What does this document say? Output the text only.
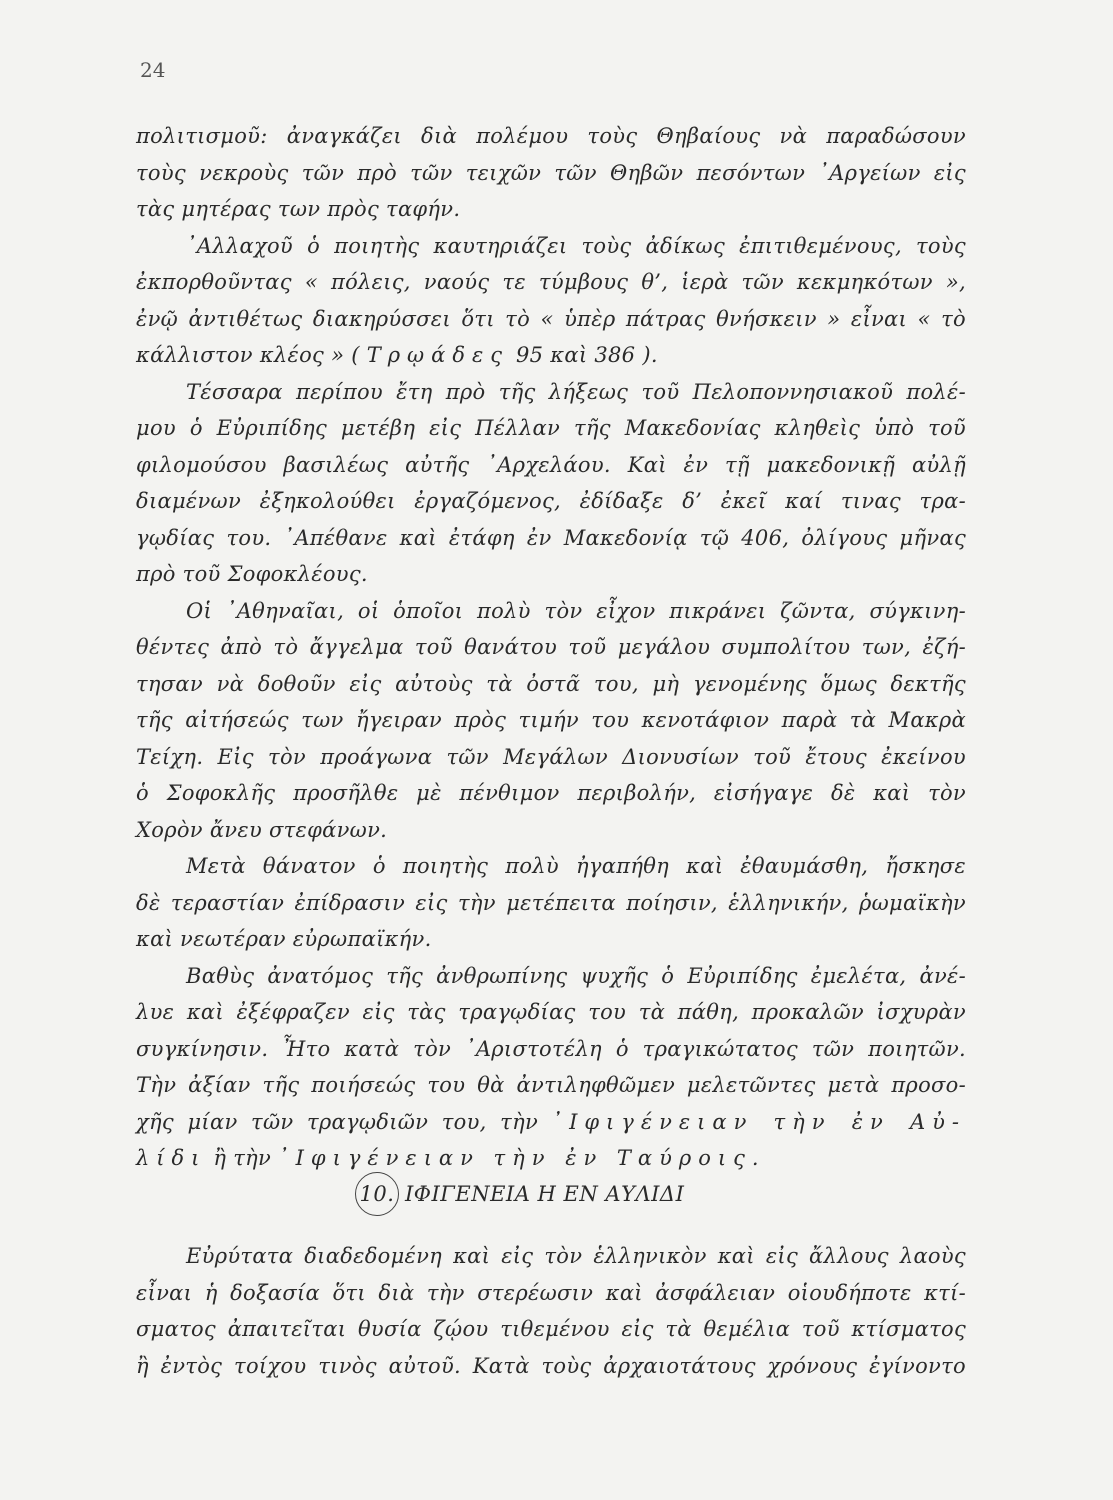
24
πολιτισμοῦ: ἀναγκάζει διὰ πολέμου τοὺς Θηβαίους νὰ παραδώσουν
τοὺς νεκροὺς τῶν πρὸ τῶν τειχῶν τῶν Θηβῶν πεσόντων ᾿Αργείων εἰς
τὰς μητέρας των πρὸς ταφήν.
᾿Αλλαχοῦ ὁ ποιητὴς καυτηριάζει τοὺς ἀδίκως ἐπιτιθεμένους, τοὺς
ἐκπορθοῦντας « πόλεις, ναούς τε τύμβους θ’, ἱερὰ τῶν κεκμηκότων »,
ἐνῷ ἀντιθέτως διακηρύσσει ὅτι τὸ « ὑπὲρ πάτρας θνήσκειν » εἶναι « τὸ
κάλλιστον κλέος » ( Τρῳάδες 95 καὶ 386 ).
Τέσσαρα περίπου ἔτη πρὸ τῆς λήξεως τοῦ Πελοποννησιακοῦ πολέ-
μου ὁ Εὐριπίδης μετέβη εἰς Πέλλαν τῆς Μακεδονίας κληθεὶς ὑπὸ τοῦ
φιλομούσου βασιλέως αὐτῆς ᾿Αρχελάου. Καὶ ἐν τῇ μακεδονικῇ αὐλῇ
διαμένων ἐξηκολούθει ἐργαζόμενος, ἐδίδαξε δ’ ἐκεῖ καί τινας τρα-
γῳδίας του. ᾿Απέθανε καὶ ἐτάφη ἐν Μακεδονίᾳ τῷ 406, ὀλίγους μῆνας
πρὸ τοῦ Σοφοκλέους.
Οἱ ᾿Αθηναῖαι, οἱ ὁποῖοι πολὺ τὸν εἶχον πικράνει ζῶντα, σύγκινη-
θέντες ἀπὸ τὸ ἄγγελμα τοῦ θανάτου τοῦ μεγάλου συμπολίτου των, ἐζή-
τησαν νὰ δοθοῦν εἰς αὐτοὺς τὰ ὀστᾶ του, μὴ γενομένης ὅμως δεκτῆς
τῆς αἰτήσεώς των ἤγειραν πρὸς τιμήν του κενοτάφιον παρὰ τὰ Μακρὰ
Τείχη. Εἰς τὸν προάγωνα τῶν Μεγάλων Διονυσίων τοῦ ἔτους ἐκείνου
ὁ Σοφοκλῆς προσῆλθε μὲ πένθιμον περιβολήν, εἰσήγαγε δὲ καὶ τὸν
Χορὸν ἄνευ στεφάνων.
Μετὰ θάνατον ὁ ποιητὴς πολὺ ἠγαπήθη καὶ ἐθαυμάσθη, ἤσκησε
δὲ τεραστίαν ἐπίδρασιν εἰς τὴν μετέπειτα ποίησιν, ἑλληνικήν, ῥωμαϊκὴν
καὶ νεωτέραν εὐρωπαϊκήν.
Βαθὺς ἀνατόμος τῆς ἀνθρωπίνης ψυχῆς ὁ Εὐριπίδης ἐμελέτα, ἀνέ-
λυε καὶ ἐξέφραζεν εἰς τὰς τραγῳδίας του τὰ πάθη, προκαλῶν ἰσχυρὰν
συγκίνησιν. Ἦτο κατὰ τὸν ᾿Αριστοτέλη ὁ τραγικώτατος τῶν ποιητῶν.
Τὴν ἀξίαν τῆς ποιήσεώς του θὰ ἀντιληφθῶμεν μελετῶντες μετὰ προσο-
χῆς μίαν τῶν τραγῳδιῶν του, τὴν ᾿Ιφιγένειαν τὴν ἐν Αὐ-
λίδι ἢ τὴν ᾿Ιφιγένειαν τὴν ἐν Ταύροις.
10. ΙΦΙΓΕΝΕΙΑ Η ΕΝ ΑΥΛΙΔΙ
Εὐρύτατα διαδεδομένη καὶ εἰς τὸν ἑλληνικὸν καὶ εἰς ἄλλους λαοὺς
εἶναι ἡ δοξασία ὅτι διὰ τὴν στερέωσιν καὶ ἀσφάλειαν οἱουδήποτε κτί-
σματος ἀπαιτεῖται θυσία ζῴου τιθεμένου εἰς τὰ θεμέλια τοῦ κτίσματος
ἢ ἐντὸς τοίχου τινὸς αὐτοῦ. Κατὰ τοὺς ἀρχαιοτάτους χρόνους ἐγίνοντο
